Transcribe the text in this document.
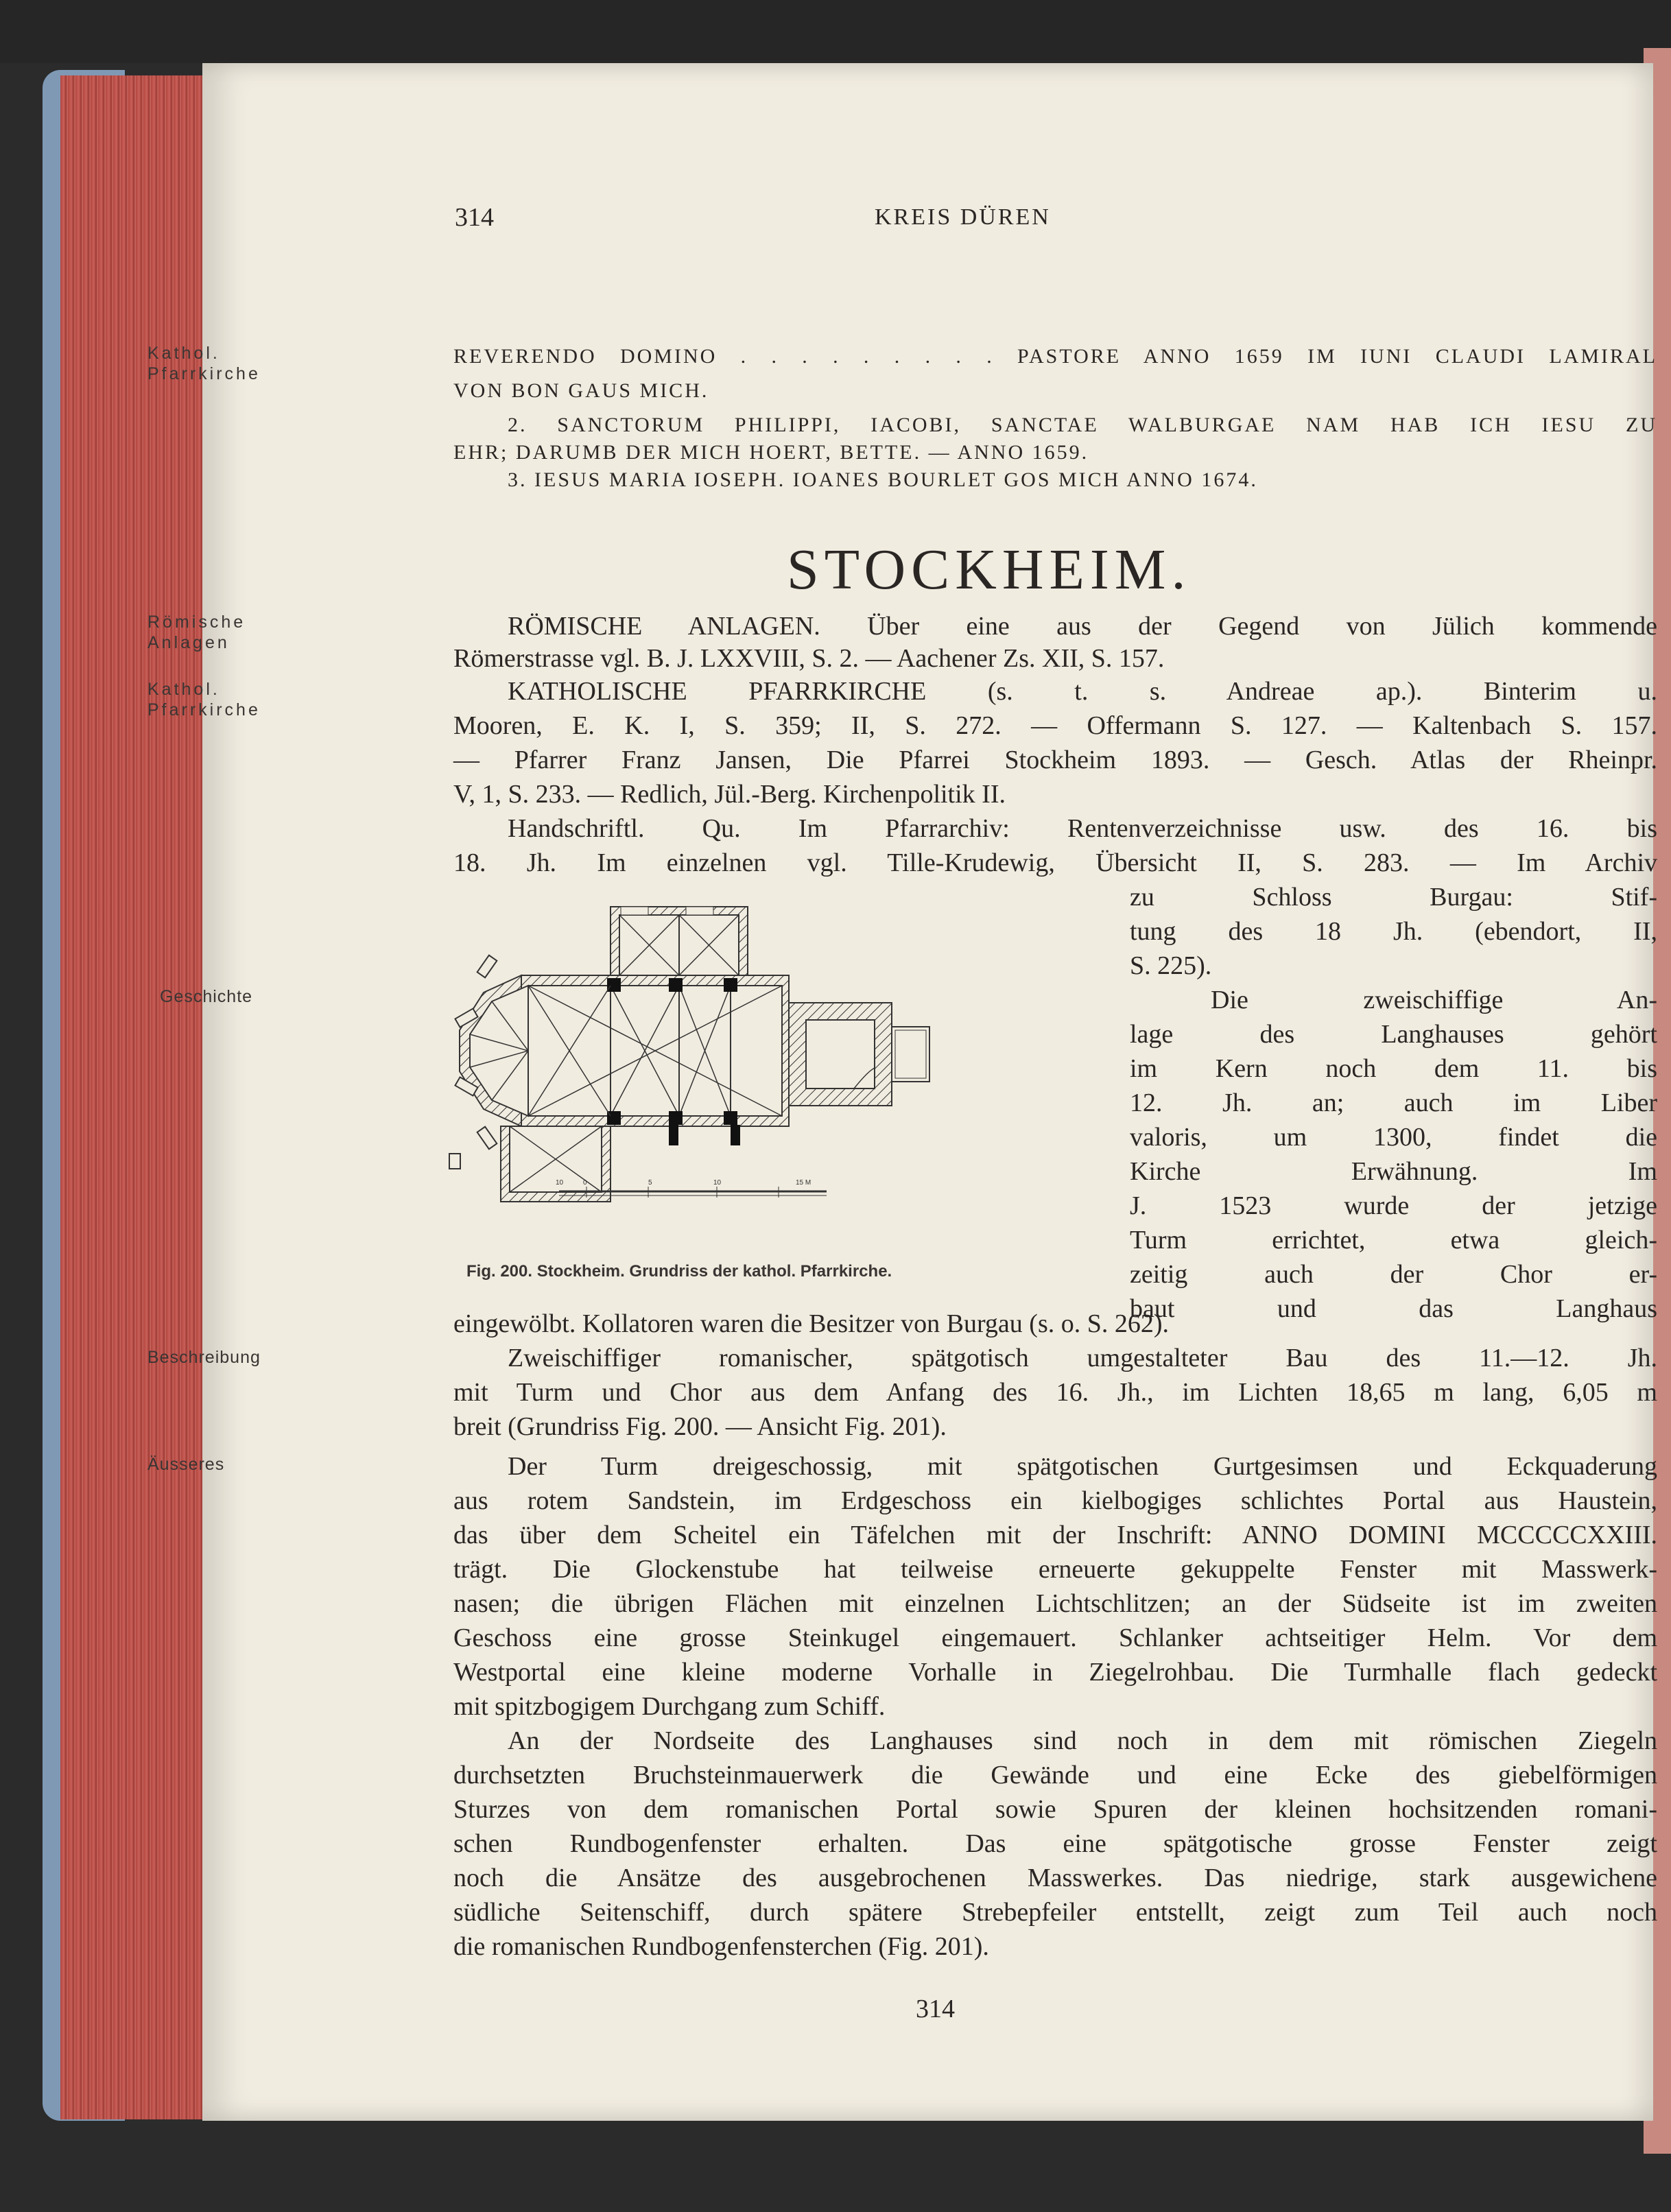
314	KREIS DÜREN
Kathol. Pfarrkirche
Römische Anlagen
Kathol. Pfarrkirche
Geschichte
Beschreibung
Äusseres
REVERENDO DOMINO . . . . . . . . . PASTORE ANNO 1659 IM IUNI CLAUDI LAMIRAL
VON BON GAUS MICH.
2. SANCTORUM PHILIPPI, IACOBI, SANCTAE WALBURGAE NAM HAB ICH IESU ZU
EHR; DARUMB DER MICH HOERT, BETTE. — ANNO 1659.
3. IESUS MARIA IOSEPH. IOANES BOURLET GOS MICH ANNO 1674.
STOCKHEIM.
RÖMISCHE ANLAGEN. Über eine aus der Gegend von Jülich kommende
Römerstrasse vgl. B. J. LXXVIII, S. 2. — Aachener Zs. XII, S. 157.
KATHOLISCHE PFARRKIRCHE (s. t. s. Andreae ap.). Binterim u.
Mooren, E. K. I, S. 359; II, S. 272. — Offermann S. 127. — Kaltenbach S. 157.
— Pfarrer Franz Jansen, Die Pfarrei Stockheim 1893. — Gesch. Atlas der Rheinpr.
V, 1, S. 233. — Redlich, Jül.-Berg. Kirchenpolitik II.
Handschriftl. Qu. Im Pfarrarchiv: Rentenverzeichnisse usw. des 16. bis
18. Jh. Im einzelnen vgl. Tille-Krudewig, Übersicht II, S. 283. — Im Archiv
zu Schloss Burgau: Stif-
tung des 18 Jh. (ebendort, II,
S. 225).
Die zweischiffige An-
lage des Langhauses gehört
im Kern noch dem 11. bis
12. Jh. an; auch im Liber
valoris, um 1300, findet die
Kirche Erwähnung. Im
J. 1523 wurde der jetzige
Turm errichtet, etwa gleich-
zeitig auch der Chor er-
baut und das Langhaus
10	0	5	10	15 M
Fig. 200. Stockheim. Grundriss der kathol. Pfarrkirche.
eingewölbt. Kollatoren waren die Besitzer von Burgau (s. o. S. 262).
Zweischiffiger romanischer, spätgotisch umgestalteter Bau des 11.—12. Jh.
mit Turm und Chor aus dem Anfang des 16. Jh., im Lichten 18,65 m lang, 6,05 m
breit (Grundriss Fig. 200. — Ansicht Fig. 201).
Der Turm dreigeschossig, mit spätgotischen Gurtgesimsen und Eckquaderung
aus rotem Sandstein, im Erdgeschoss ein kielbogiges schlichtes Portal aus Haustein,
das über dem Scheitel ein Täfelchen mit der Inschrift: ANNO DOMINI MCCCCCXXIII.
trägt. Die Glockenstube hat teilweise erneuerte gekuppelte Fenster mit Masswerk-
nasen; die übrigen Flächen mit einzelnen Lichtschlitzen; an der Südseite ist im zweiten
Geschoss eine grosse Steinkugel eingemauert. Schlanker achtseitiger Helm. Vor dem
Westportal eine kleine moderne Vorhalle in Ziegelrohbau. Die Turmhalle flach gedeckt
mit spitzbogigem Durchgang zum Schiff.
An der Nordseite des Langhauses sind noch in dem mit römischen Ziegeln
durchsetzten Bruchsteinmauerwerk die Gewände und eine Ecke des giebelförmigen
Sturzes von dem romanischen Portal sowie Spuren der kleinen hochsitzenden romani-
schen Rundbogenfenster erhalten. Das eine spätgotische grosse Fenster zeigt
noch die Ansätze des ausgebrochenen Masswerkes. Das niedrige, stark ausgewichene
südliche Seitenschiff, durch spätere Strebepfeiler entstellt, zeigt zum Teil auch noch
die romanischen Rundbogenfensterchen (Fig. 201).
314
